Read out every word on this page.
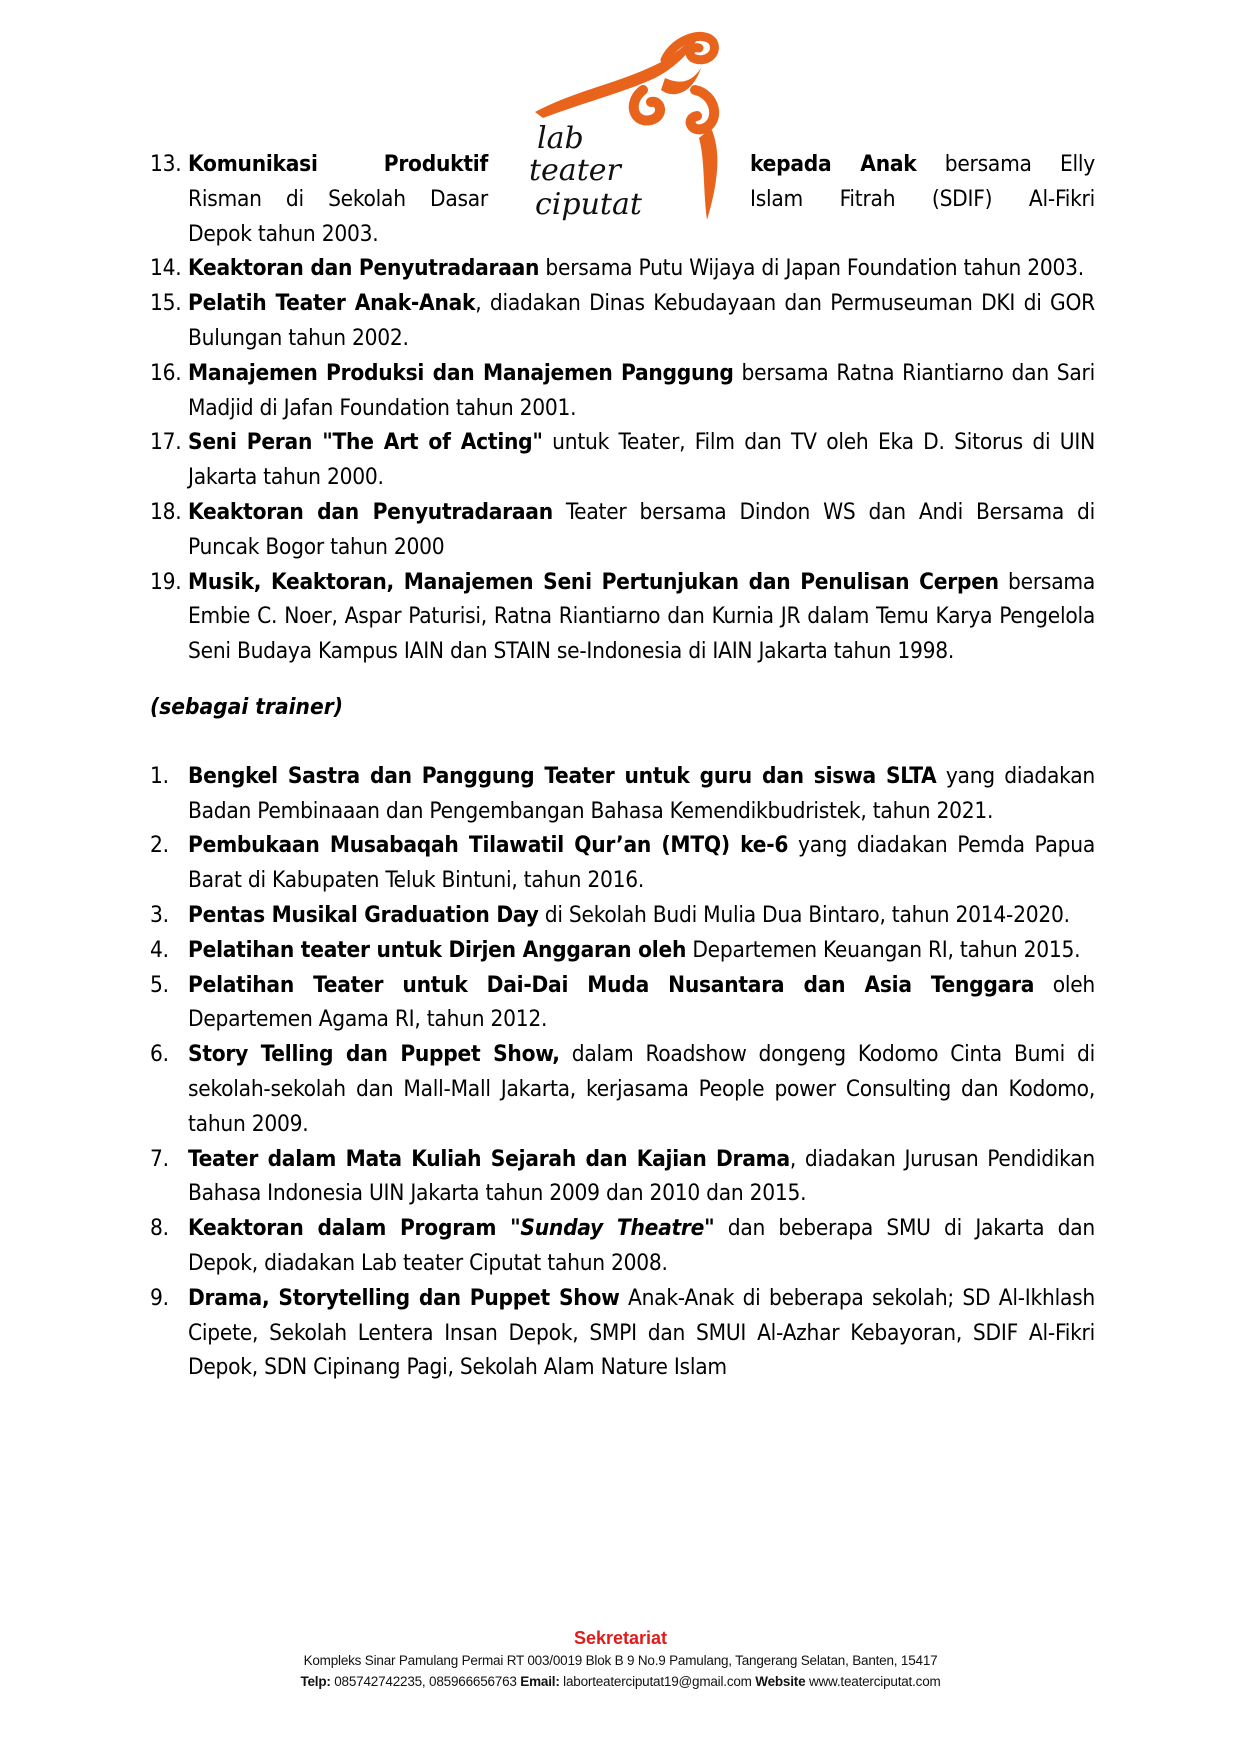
lab
teater
ciputat
13. Komunikasi Produktif	kepada Anak bersama Elly
Risman di Sekolah Dasar	Islam Fitrah (SDIF) Al-Fikri
Depok tahun 2003.
14. Keaktoran dan Penyutradaraan bersama Putu Wijaya di Japan Foundation tahun 2003.
15. Pelatih Teater Anak-Anak, diadakan Dinas Kebudayaan dan Permuseuman DKI di GOR Bulungan tahun 2002.
16. Manajemen Produksi dan Manajemen Panggung bersama Ratna Riantiarno dan Sari Madjid di Jafan Foundation tahun 2001.
17. Seni Peran "The Art of Acting" untuk Teater, Film dan TV oleh Eka D. Sitorus di UIN Jakarta tahun 2000.
18. Keaktoran dan Penyutradaraan Teater bersama Dindon WS dan Andi Bersama di Puncak Bogor tahun 2000
19. Musik, Keaktoran, Manajemen Seni Pertunjukan dan Penulisan Cerpen bersama Embie C. Noer, Aspar Paturisi, Ratna Riantiarno dan Kurnia JR dalam Temu Karya Pengelola Seni Budaya Kampus IAIN dan STAIN se-Indonesia di IAIN Jakarta tahun 1998.
(sebagai trainer)
1. Bengkel Sastra dan Panggung Teater untuk guru dan siswa SLTA yang diadakan Badan Pembinaaan dan Pengembangan Bahasa Kemendikbudristek, tahun 2021.
2. Pembukaan Musabaqah Tilawatil Qur’an (MTQ) ke-6 yang diadakan Pemda Papua Barat di Kabupaten Teluk Bintuni, tahun 2016.
3. Pentas Musikal Graduation Day di Sekolah Budi Mulia Dua Bintaro, tahun 2014-2020.
4. Pelatihan teater untuk Dirjen Anggaran oleh Departemen Keuangan RI, tahun 2015.
5. Pelatihan Teater untuk Dai-Dai Muda Nusantara dan Asia Tenggara oleh Departemen Agama RI, tahun 2012.
6. Story Telling dan Puppet Show, dalam Roadshow dongeng Kodomo Cinta Bumi di sekolah-sekolah dan Mall-Mall Jakarta, kerjasama People power Consulting dan Kodomo, tahun 2009.
7. Teater dalam Mata Kuliah Sejarah dan Kajian Drama, diadakan Jurusan Pendidikan Bahasa Indonesia UIN Jakarta tahun 2009 dan 2010 dan 2015.
8. Keaktoran dalam Program "Sunday Theatre" dan beberapa SMU di Jakarta dan Depok, diadakan Lab teater Ciputat tahun 2008.
9. Drama, Storytelling dan Puppet Show Anak-Anak di beberapa sekolah; SD Al-Ikhlash Cipete, Sekolah Lentera Insan Depok, SMPI dan SMUI Al-Azhar Kebayoran, SDIF Al-Fikri Depok, SDN Cipinang Pagi, Sekolah Alam Nature Islam
Sekretariat
Kompleks Sinar Pamulang Permai RT 003/0019 Blok B 9 No.9 Pamulang, Tangerang Selatan, Banten, 15417
Telp: 085742742235, 085966656763 Email: laborteaterciputat19@gmail.com Website www.teaterciputat.com
